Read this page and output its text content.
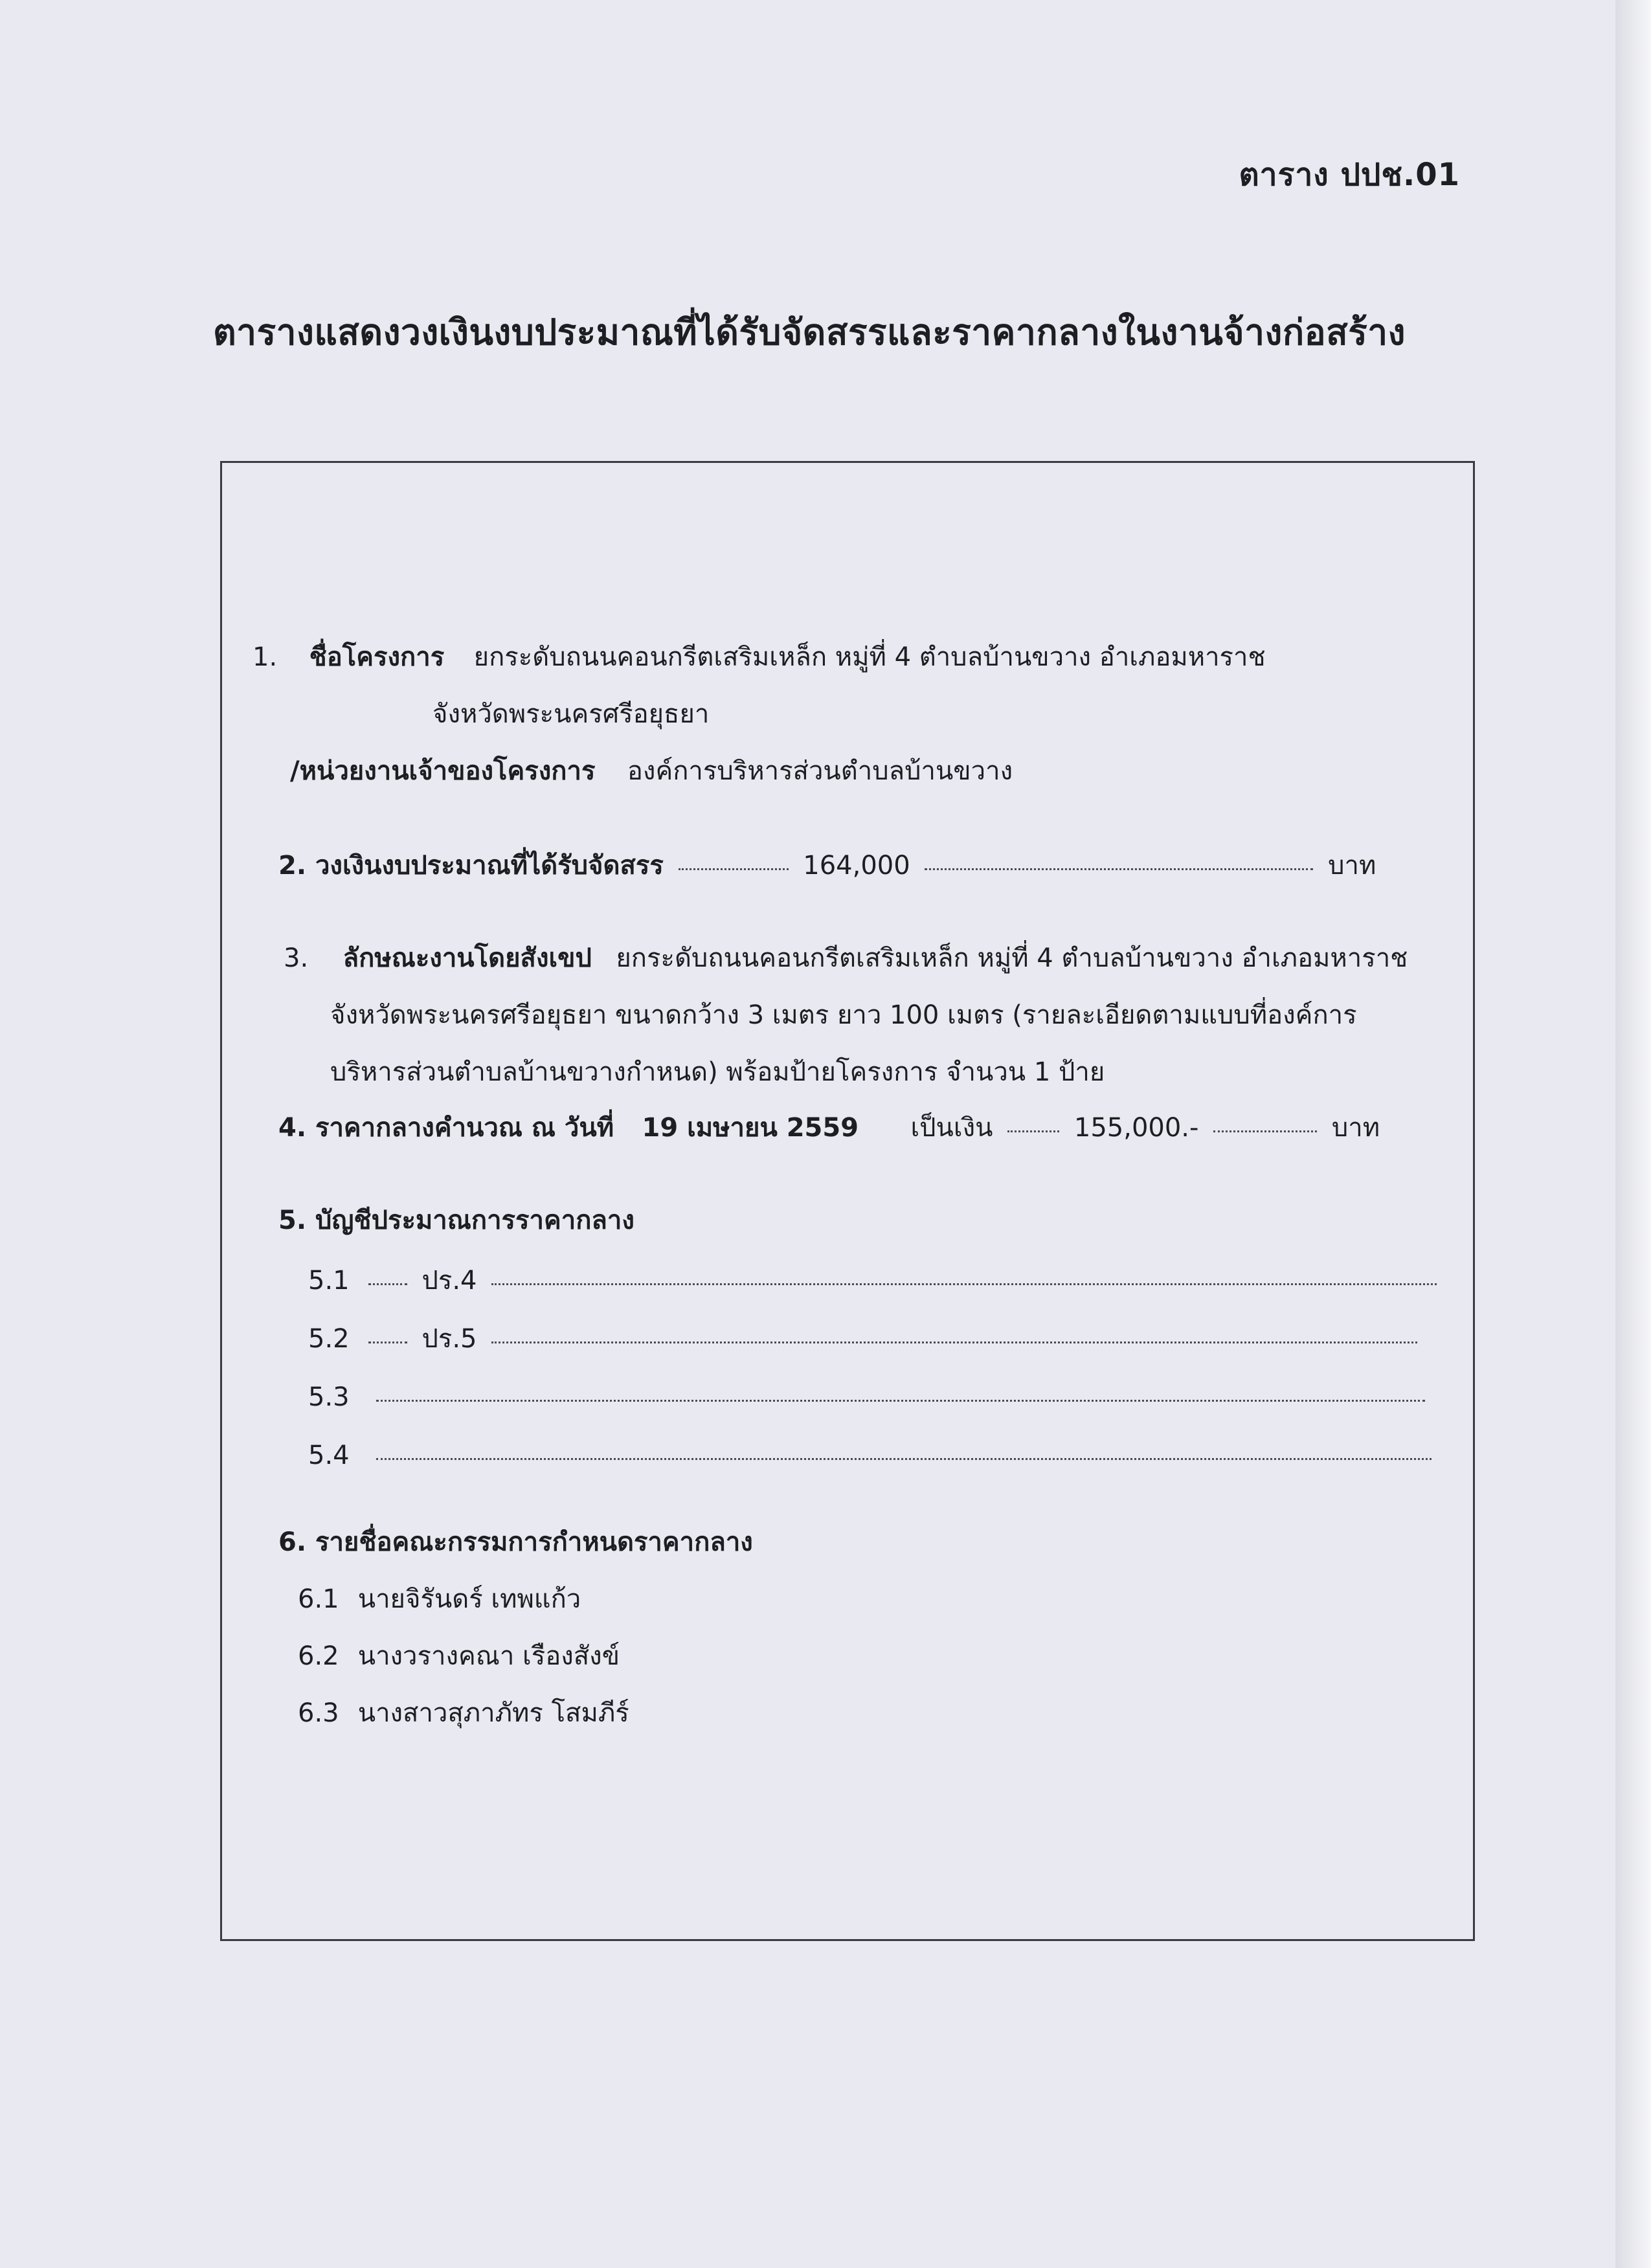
ตาราง ปปช.01
ตารางแสดงวงเงินงบประมาณที่ได้รับจัดสรรและราคากลางในงานจ้างก่อสร้าง
1. ชื่อโครงการ ยกระดับถนนคอนกรีตเสริมเหล็ก หมู่ที่ 4 ตำบลบ้านขวาง อำเภอมหาราช
จังหวัดพระนครศรีอยุธยา
/หน่วยงานเจ้าของโครงการ องค์การบริหารส่วนตำบลบ้านขวาง
2. วงเงินงบประมาณที่ได้รับจัดสรร	164,000	บาท
3. ลักษณะงานโดยสังเขป ยกระดับถนนคอนกรีตเสริมเหล็ก หมู่ที่ 4 ตำบลบ้านขวาง อำเภอมหาราช
จังหวัดพระนครศรีอยุธยา ขนาดกว้าง 3 เมตร ยาว 100 เมตร (รายละเอียดตามแบบที่องค์การ
บริหารส่วนตำบลบ้านขวางกำหนด) พร้อมป้ายโครงการ จำนวน 1 ป้าย
4. ราคากลางคำนวณ ณ วันที่ 19 เมษายน 2559 เป็นเงิน	155,000.-	บาท
5. บัญชีประมาณการราคากลาง
5.1	ปร.4
5.2	ปร.5
5.3
5.4
6. รายชื่อคณะกรรมการกำหนดราคากลาง
6.1 นายจิรันดร์ เทพแก้ว
6.2 นางวรางคณา เรืองสังข์
6.3 นางสาวสุภาภัทร โสมภีร์
